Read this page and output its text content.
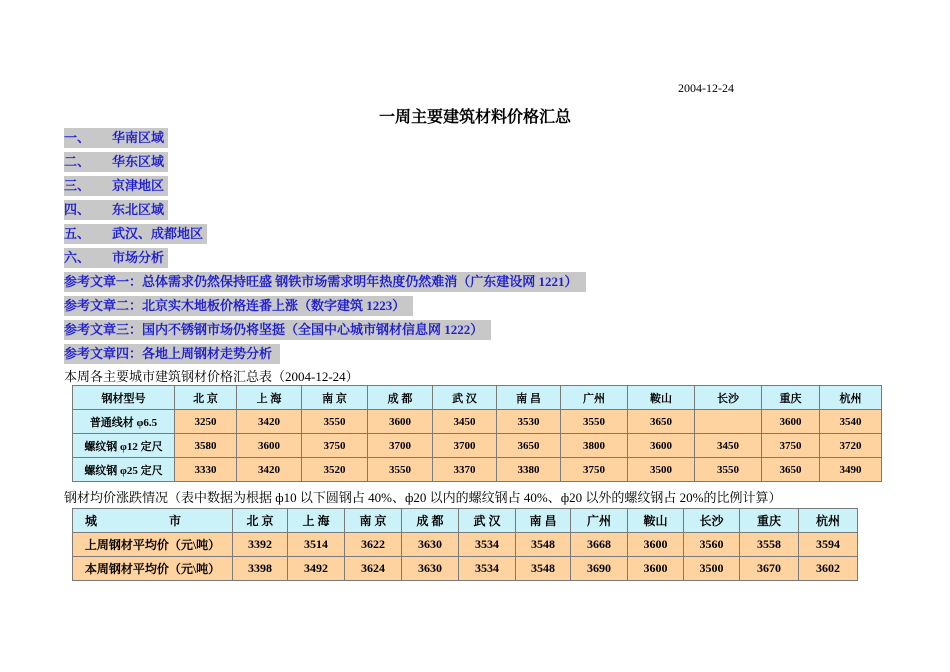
2004-12-24
一周主要建筑材料价格汇总
一、 华南区域
二、 华东区域
三、 京津地区
四、 东北区域
五、 武汉、成都地区
六、 市场分析
参考文章一：总体需求仍然保持旺盛 钢铁市场需求明年热度仍然难消（广东建设网 1221）
参考文章二：北京实木地板价格连番上涨（数字建筑 1223）
参考文章三：国内不锈钢市场仍将坚挺（全国中心城市钢材信息网 1222）
参考文章四：各地上周钢材走势分析
本周各主要城市建筑钢材价格汇总表（2004-12-24）
钢材型号	北 京	上 海	南 京	成 都	武 汉	南 昌	广州	鞍山	长沙	重庆	杭州
普通线材 φ6.5	3250	3420	3550	3600	3450	3530	3550	3650		3600	3540
螺纹钢 φ12 定尺	3580	3600	3750	3700	3700	3650	3800	3600	3450	3750	3720
螺纹钢 φ25 定尺	3330	3420	3520	3550	3370	3380	3750	3500	3550	3650	3490
钢材均价涨跌情况（表中数据为根据 ф10 以下圆钢占 40%、ф20 以内的螺纹钢占 40%、ф20 以外的螺纹钢占 20%的比例计算）
城　　　　　　市	北 京	上 海	南 京	成 都	武 汉	南 昌	广州	鞍山	长沙	重庆	杭州
上周钢材平均价（元\吨）	3392	3514	3622	3630	3534	3548	3668	3600	3560	3558	3594
本周钢材平均价（元\吨）	3398	3492	3624	3630	3534	3548	3690	3600	3500	3670	3602
